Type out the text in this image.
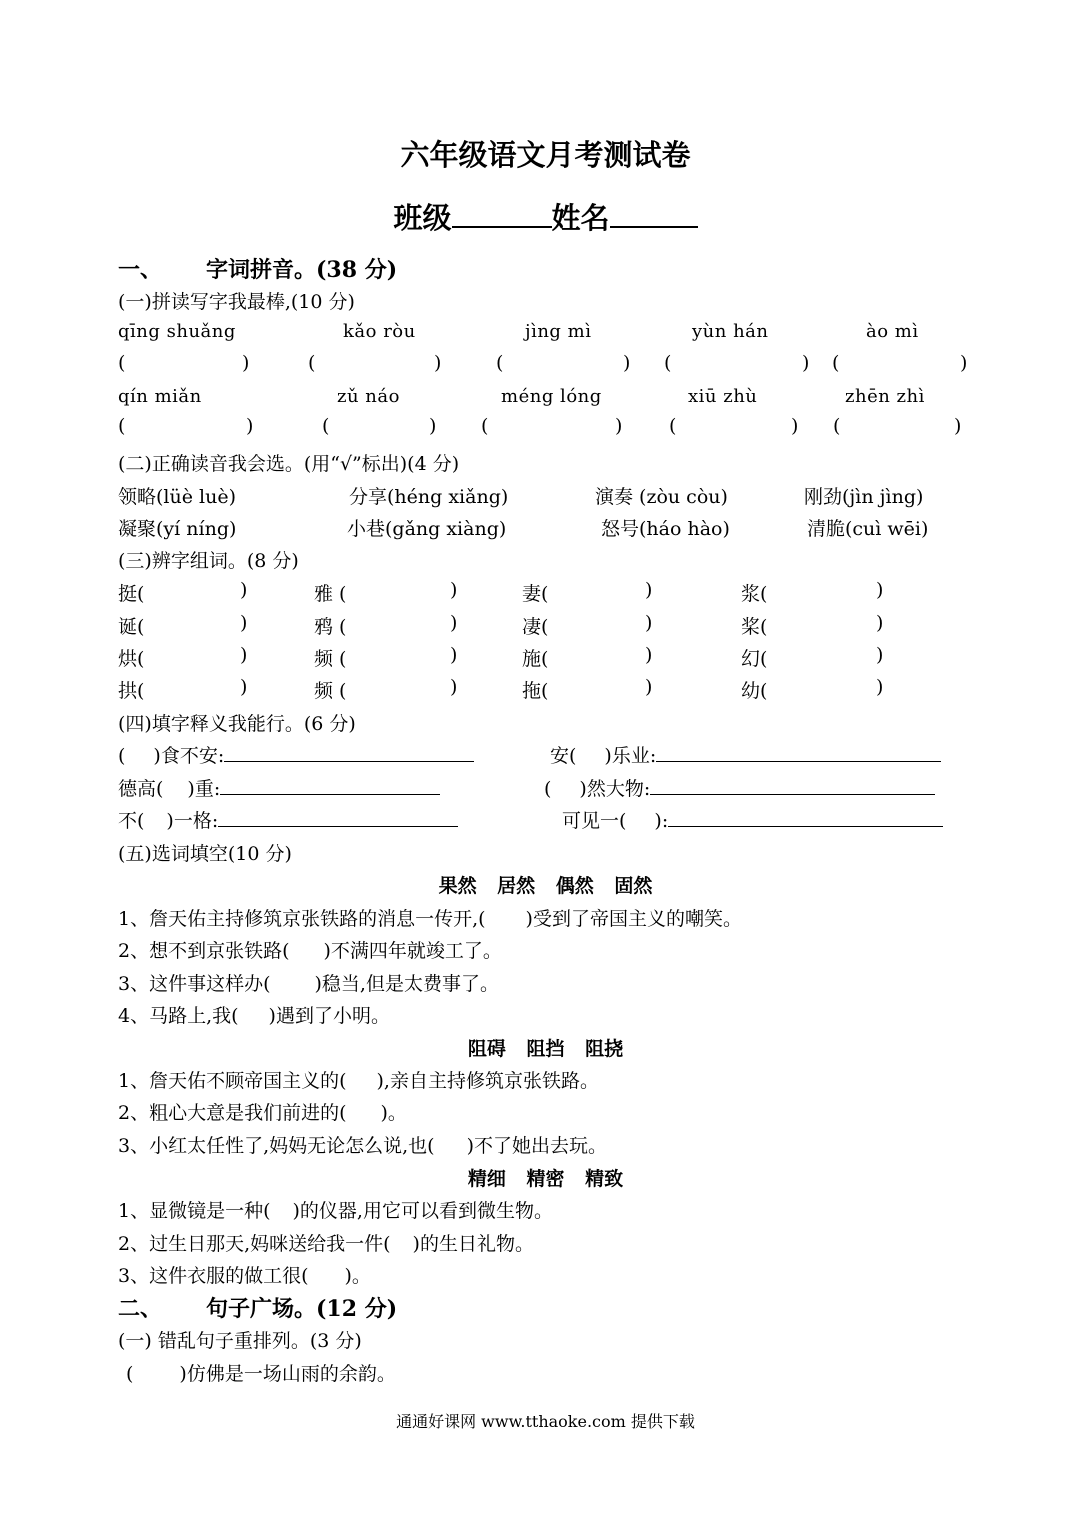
六年级语文月考测试卷
班级	姓名
一、 字词拼音。(38 分)
(一)拼读写字我最棒,(10 分)
qīng shuǎng	kǎo ròu	jìng mì	yùn hán	ào mì
(	)	(	)	(	) (	) (	)
qín miǎn	zǔ náo	méng lóng	xiū zhù	zhēn zhì
(	)	(	) (	) (	) (	)
(二)正确读音我会选。(用“√”标出)(4 分)
领略(lüè luè)	分享(héng xiǎng)	演奏 (zòu còu)	刚劲(jìn jìng)
凝聚(yí níng)	小巷(gǎng xiàng)	怒号(háo hào)	清脆(cuì wēi)
(三)辨字组词。(8 分)
挺(	)	雅 (	)	妻(	)	浆(	)
诞(	)	鸦 (	)	凄(	)	桨(	)
烘(	)	频 (	)	施(	)	幻(	)
拱(	)	频 (	)	拖(	)	幼(	)
(四)填字释义我能行。(6 分)
( )食不安:	安( )乐业:
德高( )重:	( )然大物:
不( )一格:	可见一( ):
(五)选词填空(10 分)
果然 居然 偶然 固然
1、詹天佑主持修筑京张铁路的消息一传开,( )受到了帝国主义的嘲笑。
2、想不到京张铁路( )不满四年就竣工了。
3、这件事这样办( )稳当,但是太费事了。
4、马路上,我( )遇到了小明。
阻碍 阻挡 阻挠
1、詹天佑不顾帝国主义的( ),亲自主持修筑京张铁路。
2、粗心大意是我们前进的( )。
3、小红太任性了,妈妈无论怎么说,也( )不了她出去玩。
精细 精密 精致
1、显微镜是一种( )的仪器,用它可以看到微生物。
2、过生日那天,妈咪送给我一件( )的生日礼物。
3、这件衣服的做工很( )。
二、 句子广场。(12 分)
(一) 错乱句子重排列。(3 分)
( )仿佛是一场山雨的余韵。
通通好课网 www.tthaoke.com 提供下载
